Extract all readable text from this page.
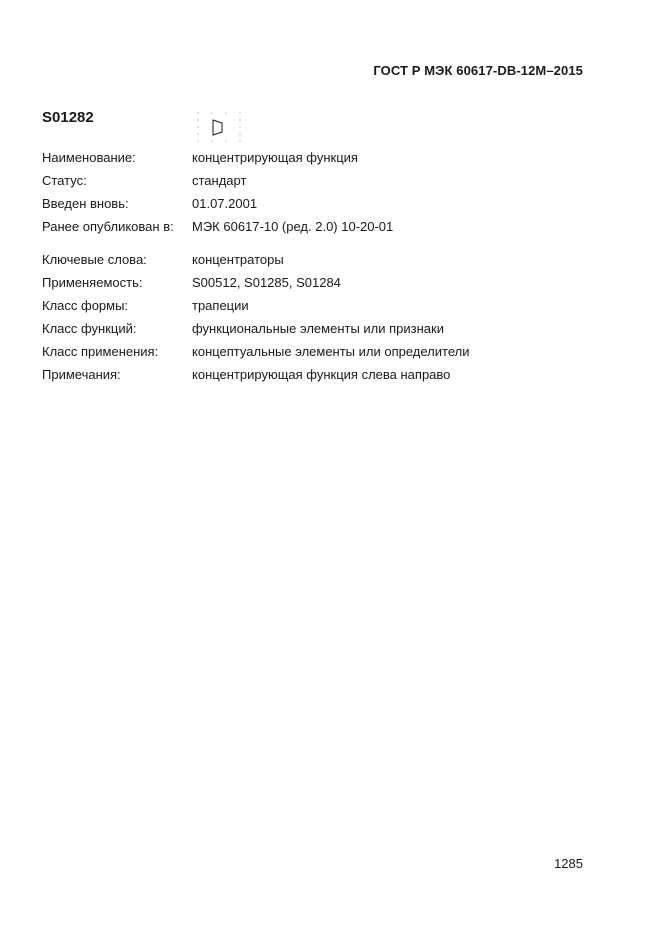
ГОСТ Р МЭК 60617-DB-12М–2015
S01282
Наименование:	концентрирующая функция
Статус:	стандарт
Введен вновь:	01.07.2001
Ранее опубликован в: МЭК 60617-10 (ред. 2.0) 10-20-01
Ключевые слова:	концентраторы
Применяемость:	S00512, S01285, S01284
Класс формы:	трапеции
Класс функций:	функциональные элементы или признаки
Класс применения:	концептуальные элементы или определители
Примечания:	концентрирующая функция слева направо
1285
